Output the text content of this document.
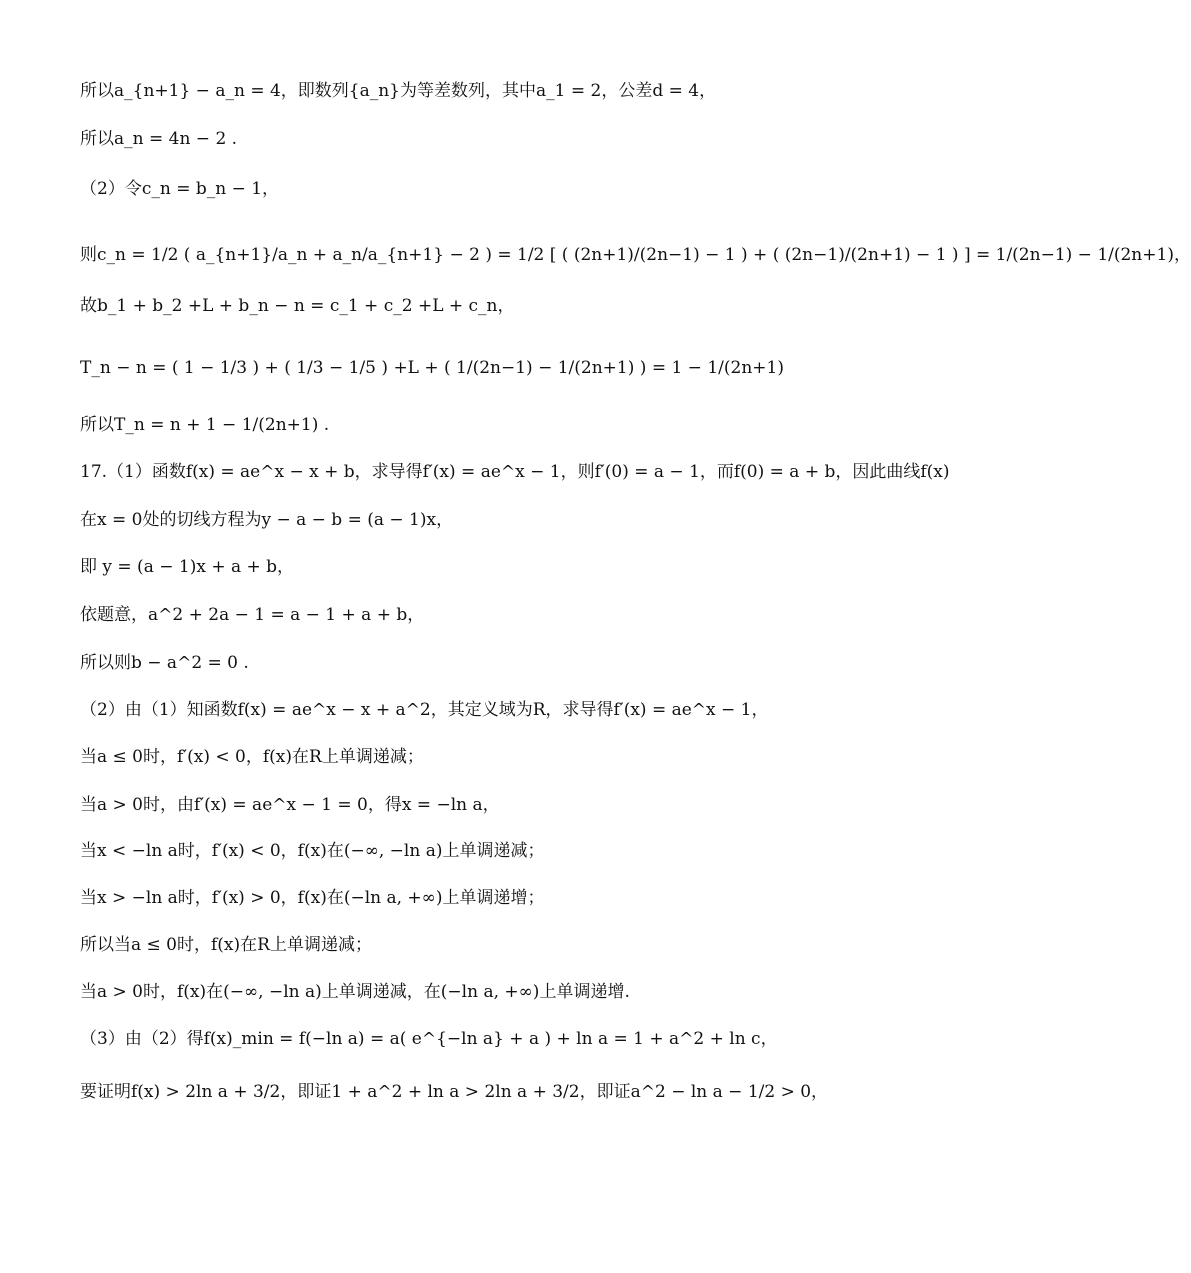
所以a_{n+1} − a_n = 4，即数列{a_n}为等差数列，其中a_1 = 2，公差d = 4，
所以a_n = 4n − 2 .
（2）令c_n = b_n − 1，
则c_n = 1/2 ( a_{n+1}/a_n + a_n/a_{n+1} − 2 ) = 1/2 [ ( (2n+1)/(2n−1) − 1 ) + ( (2n−1)/(2n+1) − 1 ) ] = 1/(2n−1) − 1/(2n+1)，
故b_1 + b_2 +L + b_n − n = c_1 + c_2 +L + c_n，
T_n − n = ( 1 − 1/3 ) + ( 1/3 − 1/5 ) +L + ( 1/(2n−1) − 1/(2n+1) ) = 1 − 1/(2n+1)
所以T_n = n + 1 − 1/(2n+1) .
17.（1）函数f(x) = ae^x − x + b，求导得f′(x) = ae^x − 1，则f′(0) = a − 1，而f(0) = a + b，因此曲线f(x)
在x = 0处的切线方程为y − a − b = (a − 1)x，
即 y = (a − 1)x + a + b，
依题意，a^2 + 2a − 1 = a − 1 + a + b，
所以则b − a^2 = 0 .
（2）由（1）知函数f(x) = ae^x − x + a^2，其定义域为R，求导得f′(x) = ae^x − 1，
当a ≤ 0时，f′(x) < 0，f(x)在R上单调递减；
当a > 0时，由f′(x) = ae^x − 1 = 0，得x = −ln a，
当x < −ln a时，f′(x) < 0，f(x)在(−∞, −ln a)上单调递减；
当x > −ln a时，f′(x) > 0，f(x)在(−ln a, +∞)上单调递增；
所以当a ≤ 0时，f(x)在R上单调递减；
当a > 0时，f(x)在(−∞, −ln a)上单调递减，在(−ln a, +∞)上单调递增.
（3）由（2）得f(x)_min = f(−ln a) = a( e^{−ln a} + a ) + ln a = 1 + a^2 + ln c，
要证明f(x) > 2ln a + 3/2，即证1 + a^2 + ln a > 2ln a + 3/2，即证a^2 − ln a − 1/2 > 0，
